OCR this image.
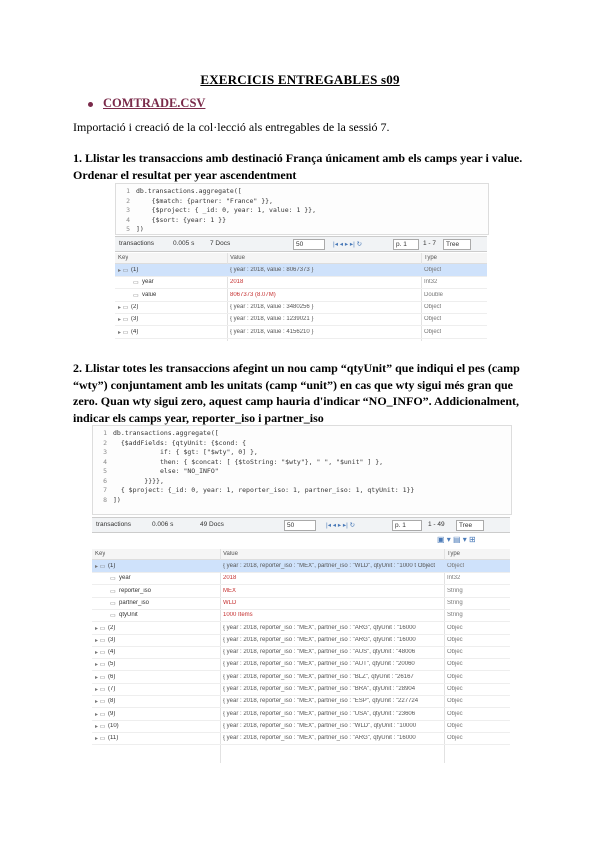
EXERCICIS ENTREGABLES s09
COMTRADE.CSV
Importació i creació de la col·lecció als entregables de la sessió 7.
1. Llistar les transaccions amb destinació França únicament amb els camps year i value.
Ordenar el resultat per year ascendentment
1 db.transactions.aggregate([
2 {$match: {partner: "France" }},
3 {$project: { _id: 0, year: 1, value: 1 }},
4 {$sort: {year: 1 }}
5 ])
transactions	0.005 s 7 Docs	50	|◂ ◂ ▸ ▸| ↻	p. 1 1 - 7 Tree
Key	Value	Type
▸ ▭ (1)	{ year : 2018, value : 8067373 }	Object
▭ year	2018	Int32
▭ value	8067373 (8.07M)	Double
▸ ▭ (2)	{ year : 2018, value : 3480256 }	Object
▸ ▭ (3)	{ year : 2018, value : 1239021 }	Object
▸ ▭ (4)	{ year : 2018, value : 4156210 }	Object
2. Llistar totes les transaccions afegint un nou camp “qtyUnit” que indiqui el pes (camp
“wty”) conjuntament amb les unitats (camp “unit”) en cas que wty sigui més gran que
zero. Quan wty sigui zero, aquest camp hauria d'indicar “NO_INFO”. Addicionalment,
indicar els camps year, reporter_iso i partner_iso
1 db.transactions.aggregate([
2 {$addFields: {qtyUnit: {$cond: {
3 if: { $gt: ["$wty", 0] },
4 then: { $concat: [ {$toString: "$wty"}, " ", "$unit" ] },
5 else: "NO_INFO"
6 }}}},
7 { $project: {_id: 0, year: 1, reporter_iso: 1, partner_iso: 1, qtyUnit: 1}}
8 ])
transactions	0.006 s	49 Docs	50	|◂ ◂ ▸ ▸| ↻	p. 1	1 - 49 Tree
▣ ▾ ▤ ▾ ⊞
Key	Value	Type
▸ ▭ (1)	{ year : 2018, reporter_iso : "MEX", partner_iso : "WLD", qtyUnit : "1000 t Object	Object
▭ year	2018	Int32
▭ reporter_iso	MEX	String
▭ partner_iso	WLD	String
▭ qtyUnit	1000 Items	String
▸ ▭ (2)	{ year : 2018, reporter_iso : "MEX", partner_iso : "ARG", qtyUnit : "16000	Objec
▸ ▭ (3)	{ year : 2018, reporter_iso : "MEX", partner_iso : "ARG", qtyUnit : "16000	Objec
▸ ▭ (4)	{ year : 2018, reporter_iso : "MEX", partner_iso : "AUS", qtyUnit : "48006	Objec
▸ ▭ (5)	{ year : 2018, reporter_iso : "MEX", partner_iso : "AUT", qtyUnit : "20060	Objec
▸ ▭ (6)	{ year : 2018, reporter_iso : "MEX", partner_iso : "BLZ", qtyUnit : "26167	Objec
▸ ▭ (7)	{ year : 2018, reporter_iso : "MEX", partner_iso : "BRA", qtyUnit : "28904	Objec
▸ ▭ (8)	{ year : 2018, reporter_iso : "MEX", partner_iso : "ESP", qtyUnit : "227724	Objec
▸ ▭ (9)	{ year : 2018, reporter_iso : "MEX", partner_iso : "USA", qtyUnit : "23606	Objec
▸ ▭ (10)	{ year : 2018, reporter_iso : "MEX", partner_iso : "WLD", qtyUnit : "10000	Objec
▸ ▭ (11)	{ year : 2018, reporter_iso : "MEX", partner_iso : "ARG", qtyUnit : "16000	Objec
